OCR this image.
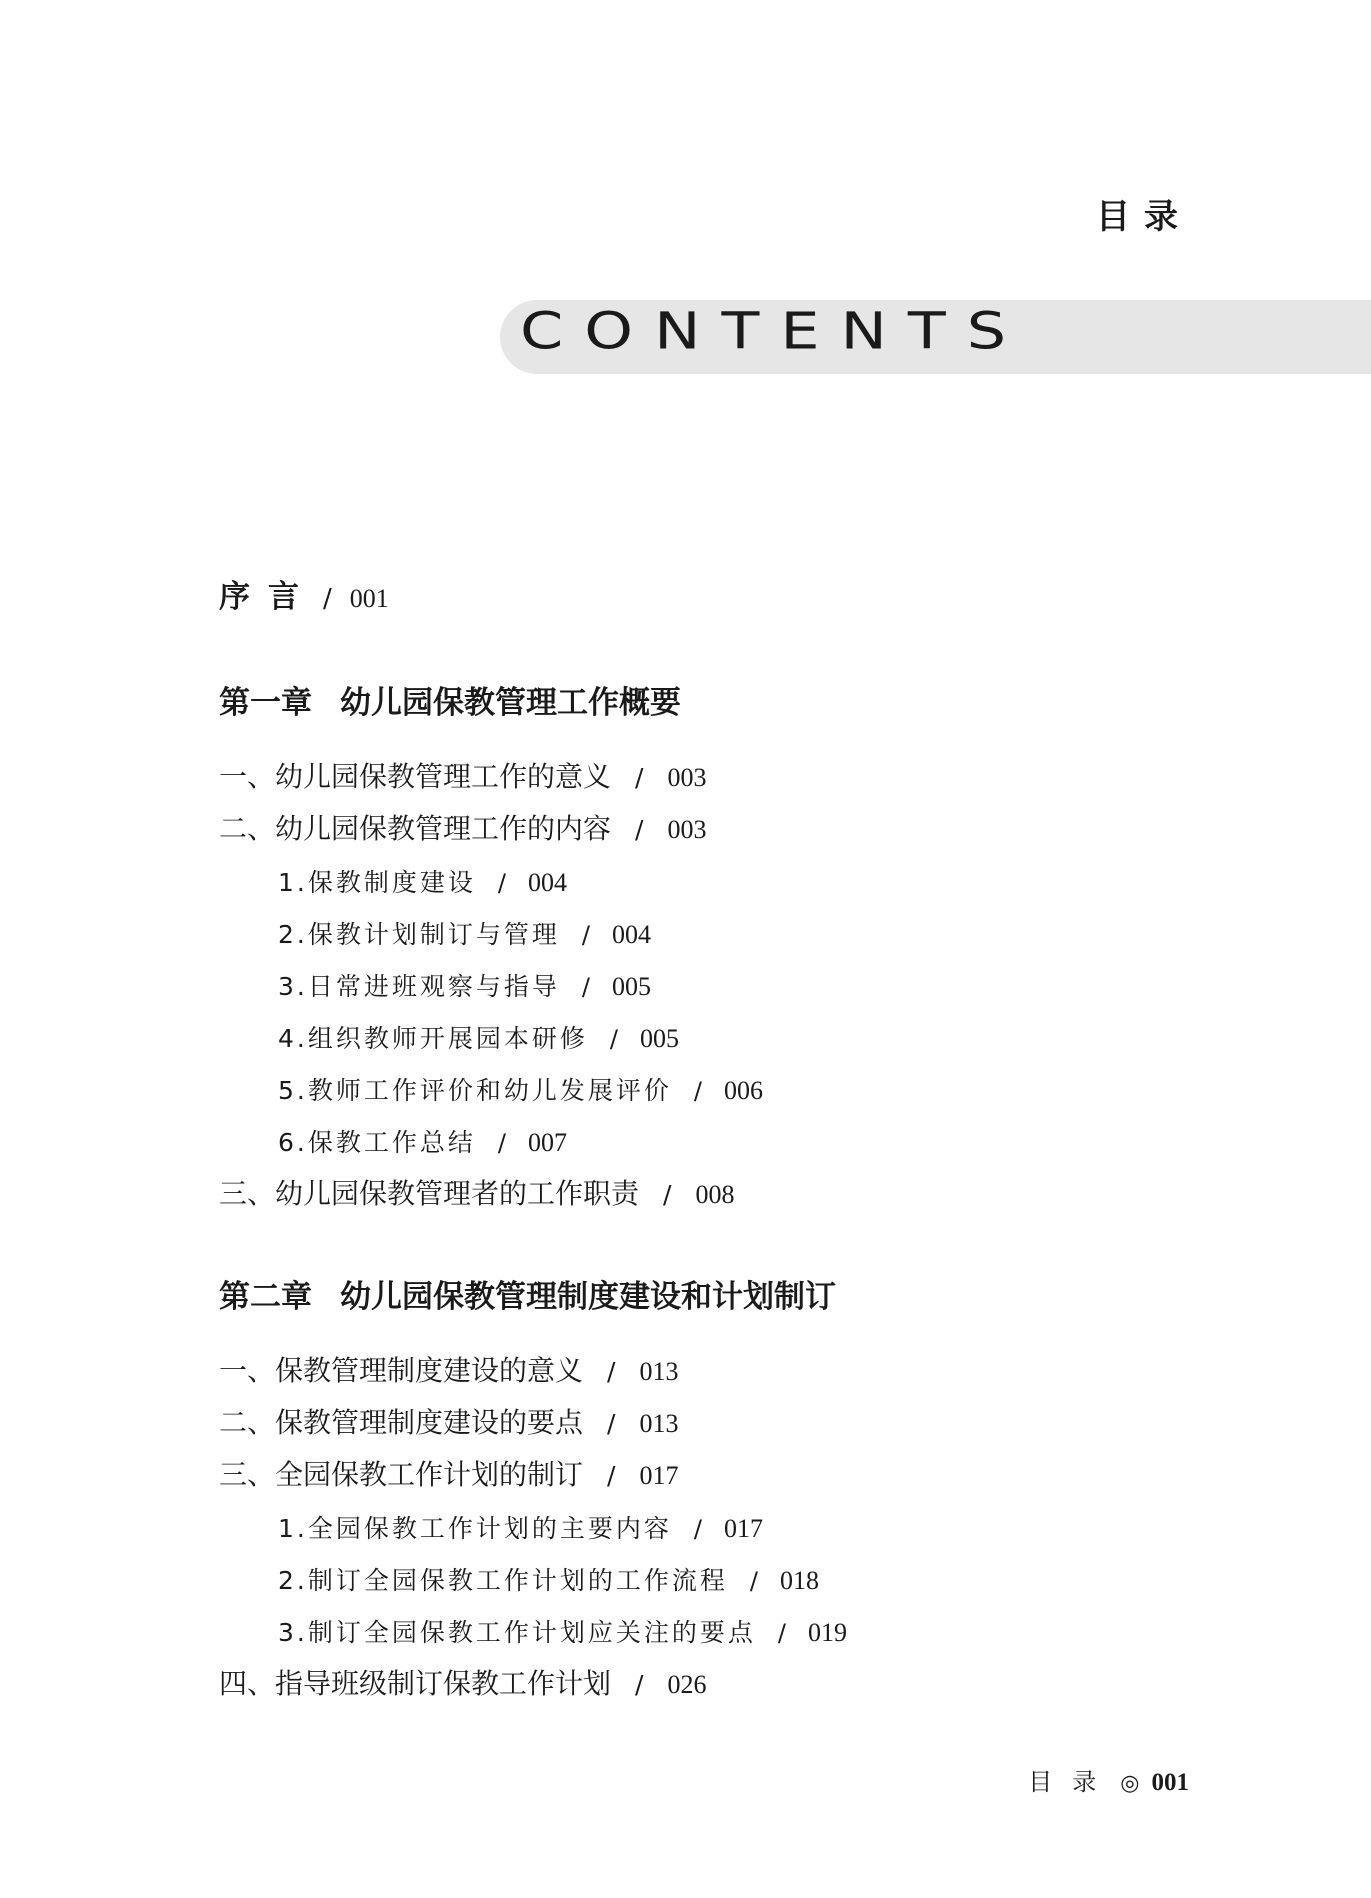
目录
CONTENTS
序言 / 001
第一章 幼儿园保教管理工作概要
一、幼儿园保教管理工作的意义 / 003
二、幼儿园保教管理工作的内容 / 003
1.保教制度建设 / 004
2.保教计划制订与管理 / 004
3.日常进班观察与指导 / 005
4.组织教师开展园本研修 / 005
5.教师工作评价和幼儿发展评价 / 006
6.保教工作总结 / 007
三、幼儿园保教管理者的工作职责 / 008
第二章 幼儿园保教管理制度建设和计划制订
一、保教管理制度建设的意义 / 013
二、保教管理制度建设的要点 / 013
三、全园保教工作计划的制订 / 017
1.全园保教工作计划的主要内容 / 017
2.制订全园保教工作计划的工作流程 / 018
3.制订全园保教工作计划应关注的要点 / 019
四、指导班级制订保教工作计划 / 026
目录 ◎ 001
